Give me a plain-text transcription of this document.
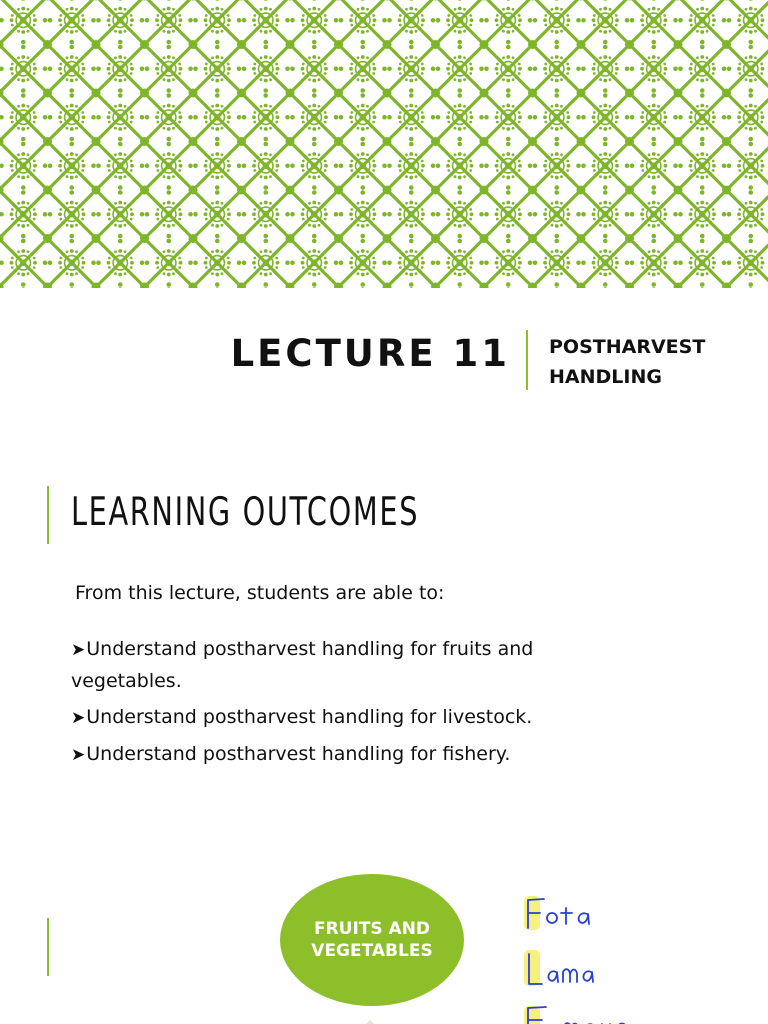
LECTURE 11 POSTHARVEST
HANDLING
LEARNING OUTCOMES
From this lecture, students are able to:
➤Understand postharvest handling for fruits and vegetables.
➤Understand postharvest handling for livestock.
➤Understand postharvest handling for fishery.
FRUITS AND
VEGETABLES
